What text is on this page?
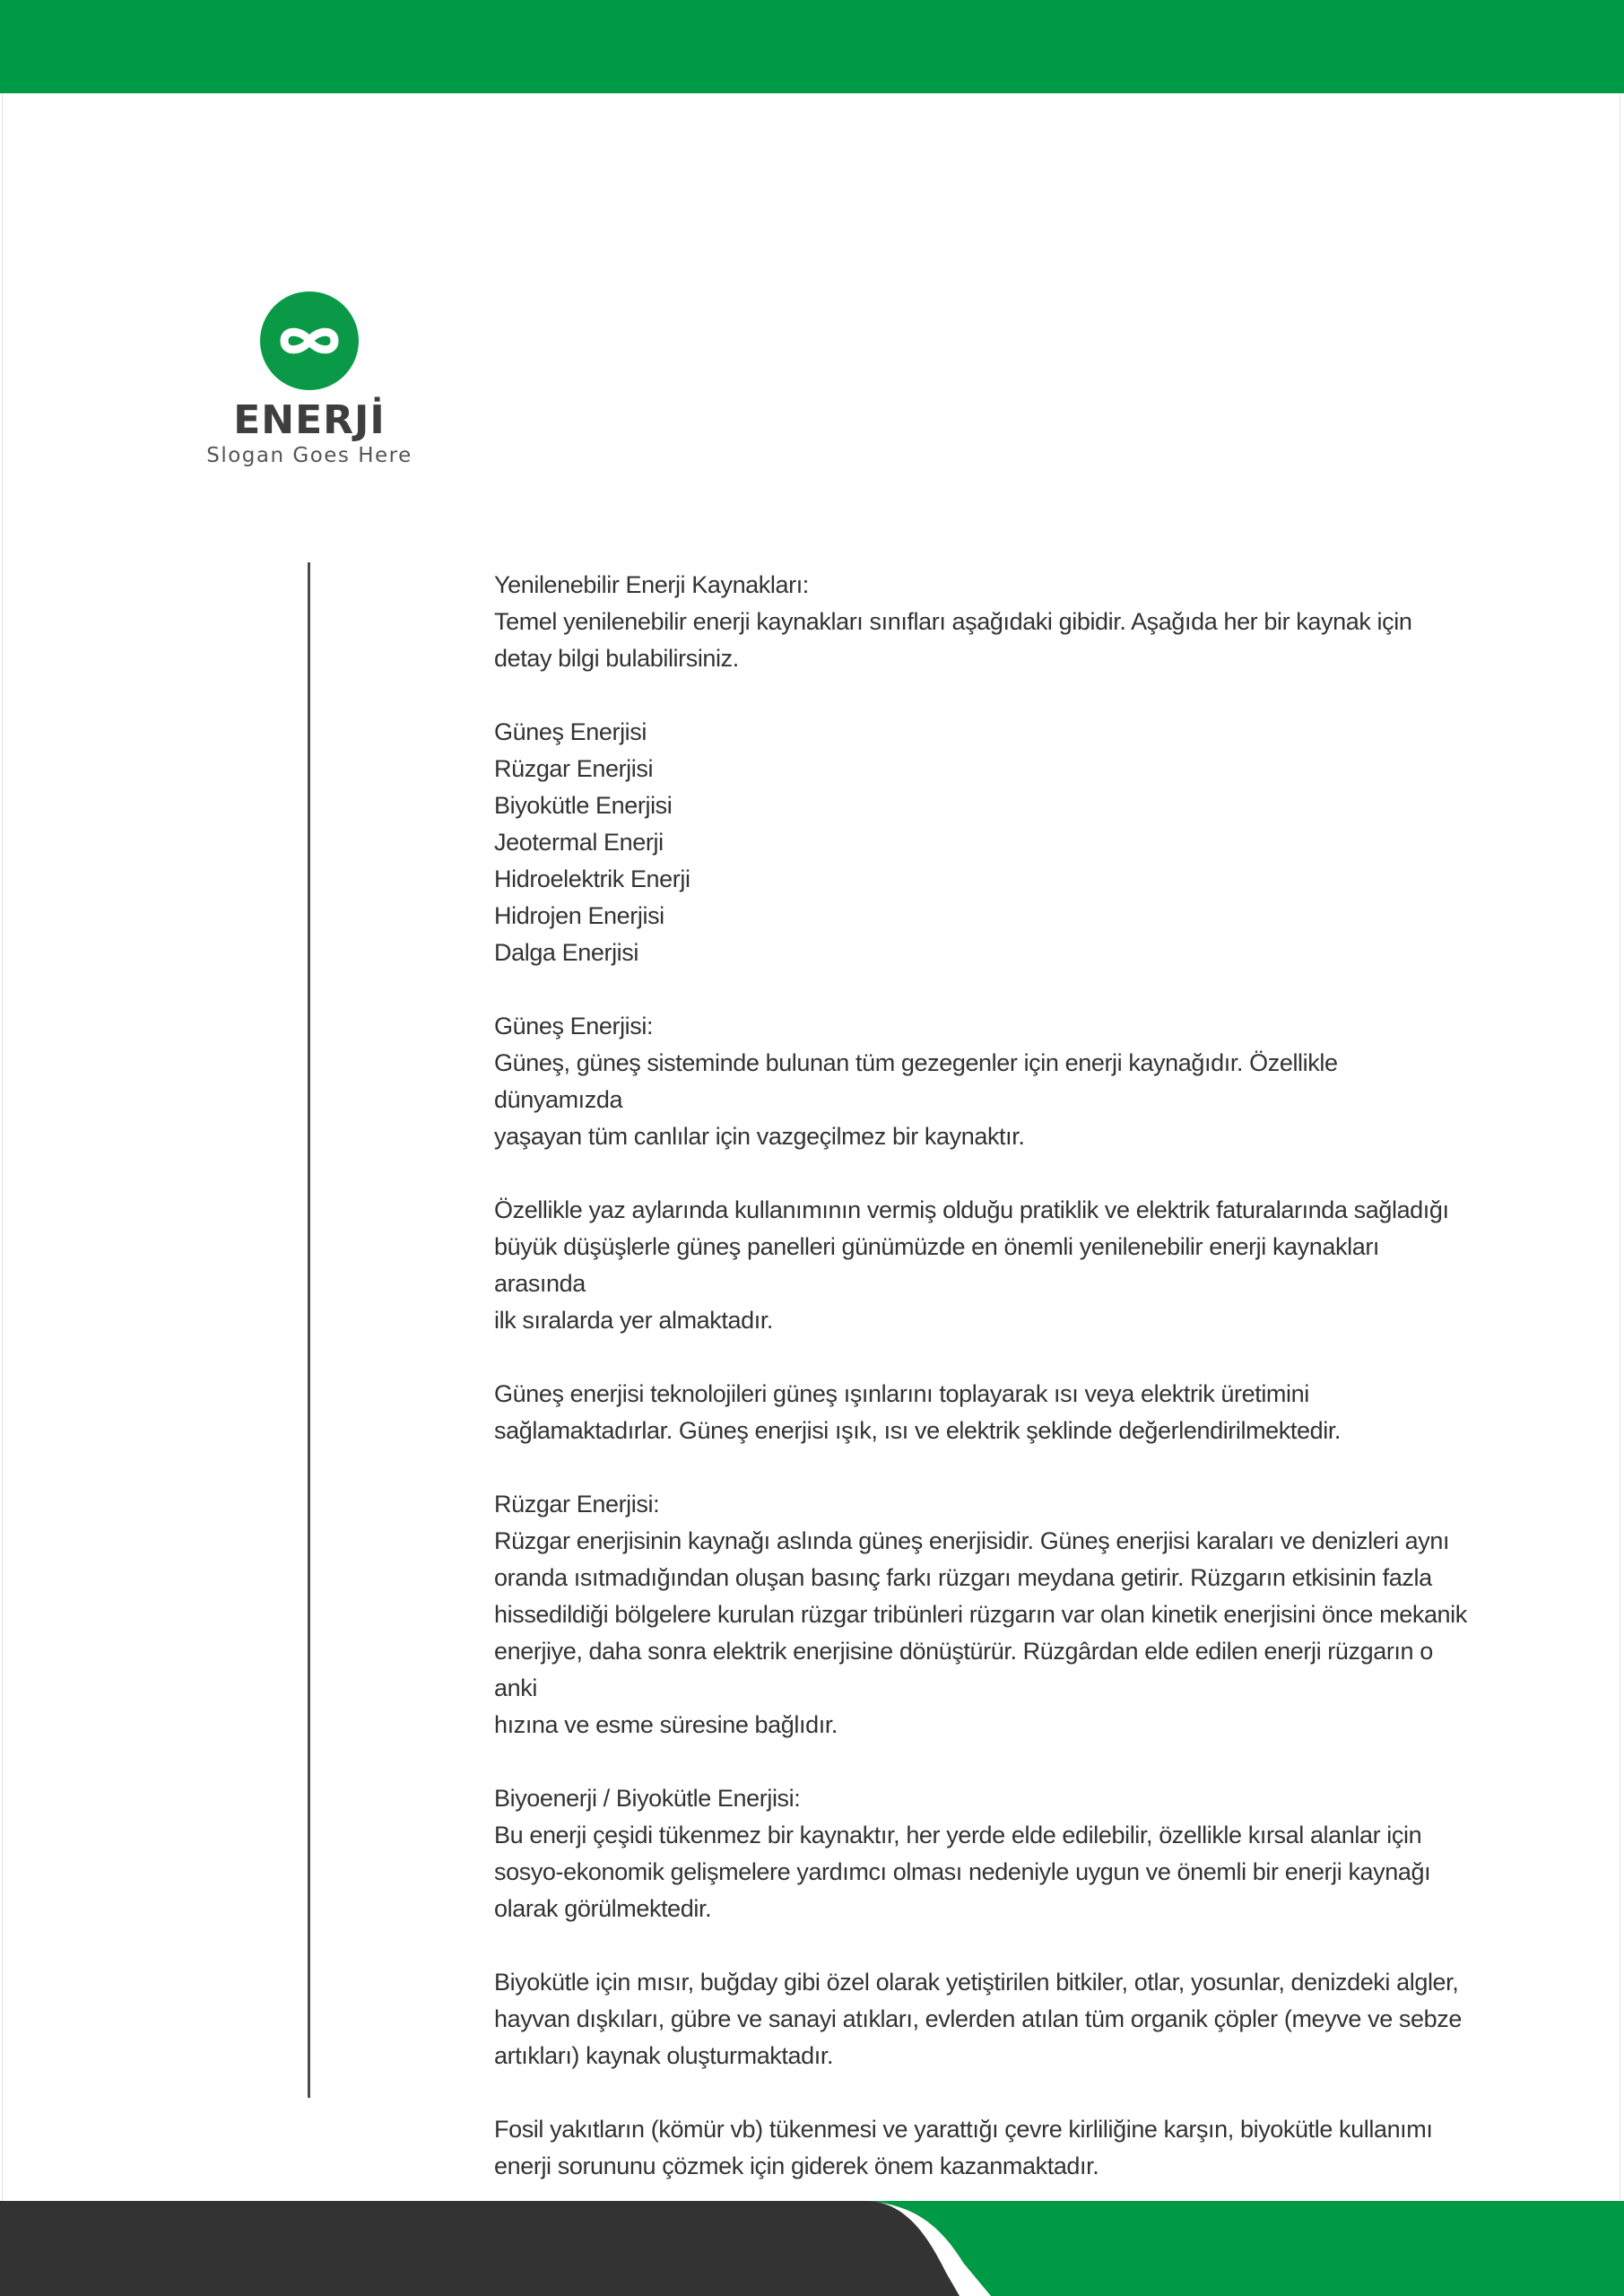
ENERJİ
Slogan Goes Here

Yenilenebilir Enerji Kaynakları:

Temel yenilenebilir enerji kaynakları sınıfları aşağıdaki gibidir. Aşağıda her bir kaynak için
detay bilgi bulabilirsiniz.

Güneş Enerjisi

Rüzgar Enerjisi

Biyokütle Enerjisi

Jeotermal Enerji

Hidroelektrik Enerji

Hidrojen Enerjisi

Dalga Enerjisi

Güneş Enerjisi:

Güneş, güneş sisteminde bulunan tüm gezegenler için enerji kaynağıdır. Özellikle dünyamızda
yaşayan tüm canlılar için vazgeçilmez bir kaynaktır.

Özellikle yaz aylarında kullanımının vermiş olduğu pratiklik ve elektrik faturalarında sağladığı
büyük düşüşlerle güneş panelleri günümüzde en önemli yenilenebilir enerji kaynakları arasında
ilk sıralarda yer almaktadır.

Güneş enerjisi teknolojileri güneş ışınlarını toplayarak ısı veya elektrik üretimini
sağlamaktadırlar. Güneş enerjisi ışık, ısı ve elektrik şeklinde değerlendirilmektedir.

Rüzgar Enerjisi:

Rüzgar enerjisinin kaynağı aslında güneş enerjisidir. Güneş enerjisi karaları ve denizleri aynı
oranda ısıtmadığından oluşan basınç farkı rüzgarı meydana getirir. Rüzgarın etkisinin fazla
hissedildiği bölgelere kurulan rüzgar tribünleri rüzgarın var olan kinetik enerjisini önce mekanik
enerjiye, daha sonra elektrik enerjisine dönüştürür. Rüzgârdan elde edilen enerji rüzgarın o anki
hızına ve esme süresine bağlıdır.

Biyoenerji / Biyokütle Enerjisi:

Bu enerji çeşidi tükenmez bir kaynaktır, her yerde elde edilebilir, özellikle kırsal alanlar için
sosyo-ekonomik gelişmelere yardımcı olması nedeniyle uygun ve önemli bir enerji kaynağı
olarak görülmektedir.

Biyokütle için mısır, buğday gibi özel olarak yetiştirilen bitkiler, otlar, yosunlar, denizdeki algler,
hayvan dışkıları, gübre ve sanayi atıkları, evlerden atılan tüm organik çöpler (meyve ve sebze
artıkları) kaynak oluşturmaktadır.

Fosil yakıtların (kömür vb) tükenmesi ve yarattığı çevre kirliliğine karşın, biyokütle kullanımı
enerji sorununu çözmek için giderek önem kazanmaktadır.
